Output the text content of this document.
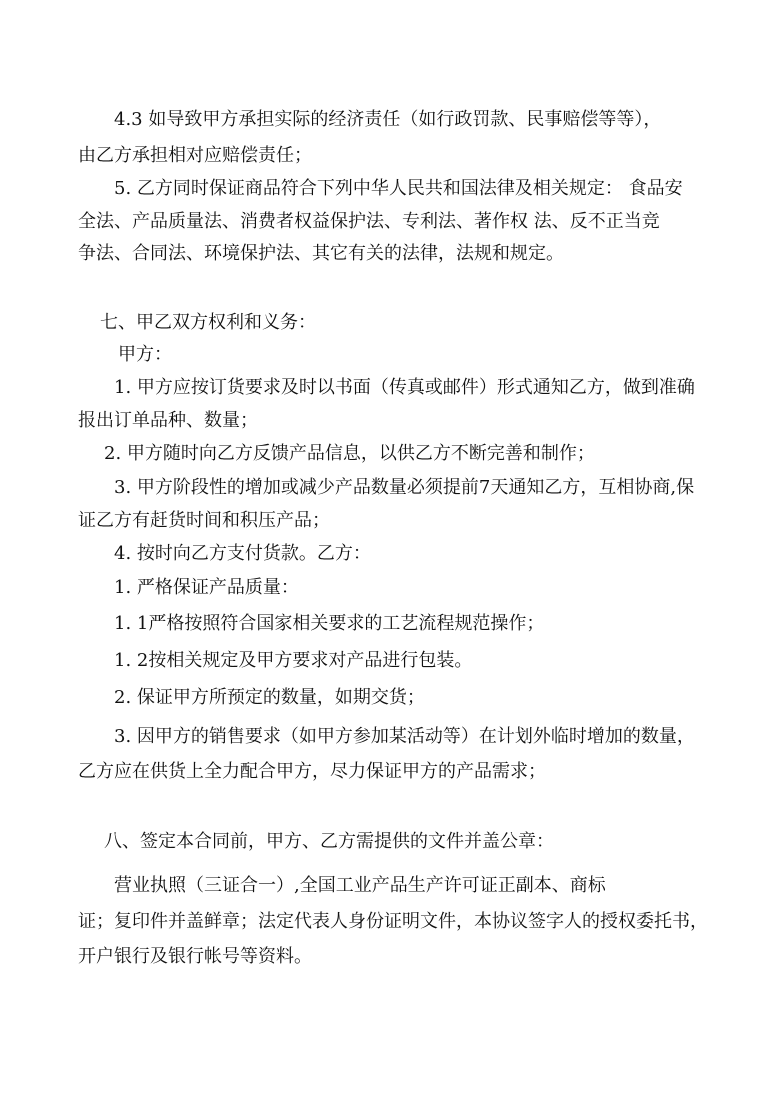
4.3 如导致甲方承担实际的经济责任（如行政罚款、民事赔偿等等），

由乙方承担相对应赔偿责任；

5. 乙方同时保证商品符合下列中华人民共和国法律及相关规定： 食品安

全法、产品质量法、消费者权益保护法、专利法、著作权 法、反不正当竞

争法、合同法、环境保护法、其它有关的法律，法规和规定。

七、甲乙双方权利和义务：

甲方：

1. 甲方应按订货要求及时以书面（传真或邮件）形式通知乙方，做到准确

报出订单品种、数量；

2. 甲方随时向乙方反馈产品信息，以供乙方不断完善和制作；

3. 甲方阶段性的增加或减少产品数量必须提前7天通知乙方，互相协商,保

证乙方有赶货时间和积压产品；

4. 按时向乙方支付货款。乙方：

1. 严格保证产品质量：

1. 1严格按照符合国家相关要求的工艺流程规范操作；

1. 2按相关规定及甲方要求对产品进行包装。

2. 保证甲方所预定的数量，如期交货；

3. 因甲方的销售要求（如甲方参加某活动等）在计划外临时增加的数量，

乙方应在供货上全力配合甲方，尽力保证甲方的产品需求；

八、签定本合同前，甲方、乙方需提供的文件并盖公章：

营业执照（三证合一）,全国工业产品生产许可证正副本、商标

证；复印件并盖鲜章；法定代表人身份证明文件，本协议签字人的授权委托书，

开户银行及银行帐号等资料。
